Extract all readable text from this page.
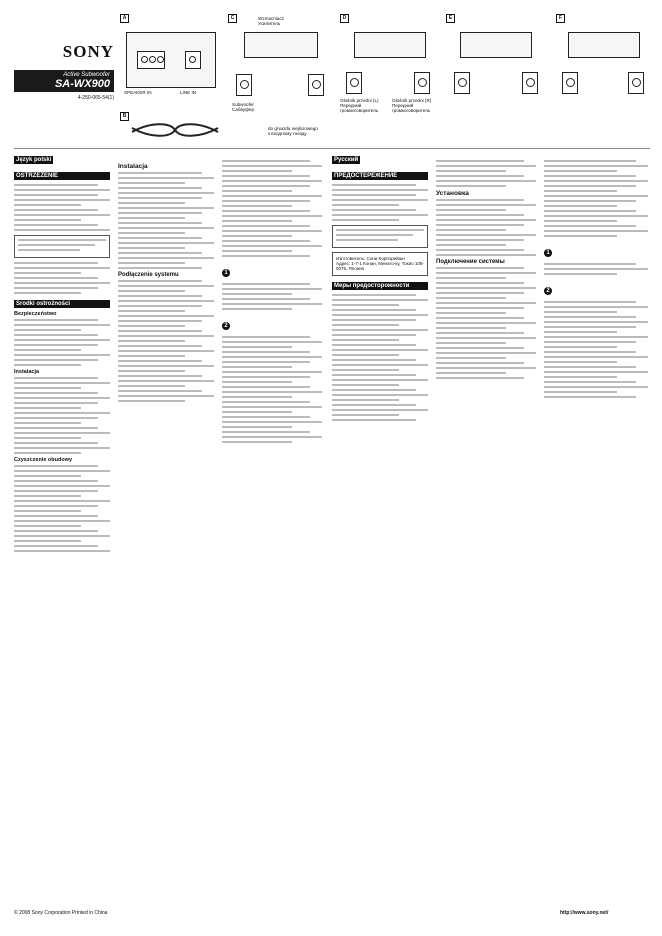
SONY
Active Subwoofer
SA-WX900
4-250-065-54(1)
A
SPEAKER IN	LINE IN
B
C	Wzmacniacz
Усилитель
Subwoofer
Сабвуфер
do gniazda wejściowego
к входному гнезду
D
Głośnik przedni (L)
Передний громкоговоритель
Głośnik przedni (R)
Передний громкоговоритель
E	F
Język polski
OSTRZEŻENIE
Środki ostrożności
Bezpieczeństwo
Instalacja
Czyszczenie obudowy
Instalacja
Podłączenie systemu	1
2
Русский
ПРЕДОСТЕРЕЖЕНИЕ
Изготовитель: Сони Корпорейшн
Адрес: 1-7-1 Конан, Минато-ку, Токио 108-0075, Япония
Меры предосторожности
Установка
Подключение системы
1
2
© 2008 Sony Corporation Printed in China	http://www.sony.net/
